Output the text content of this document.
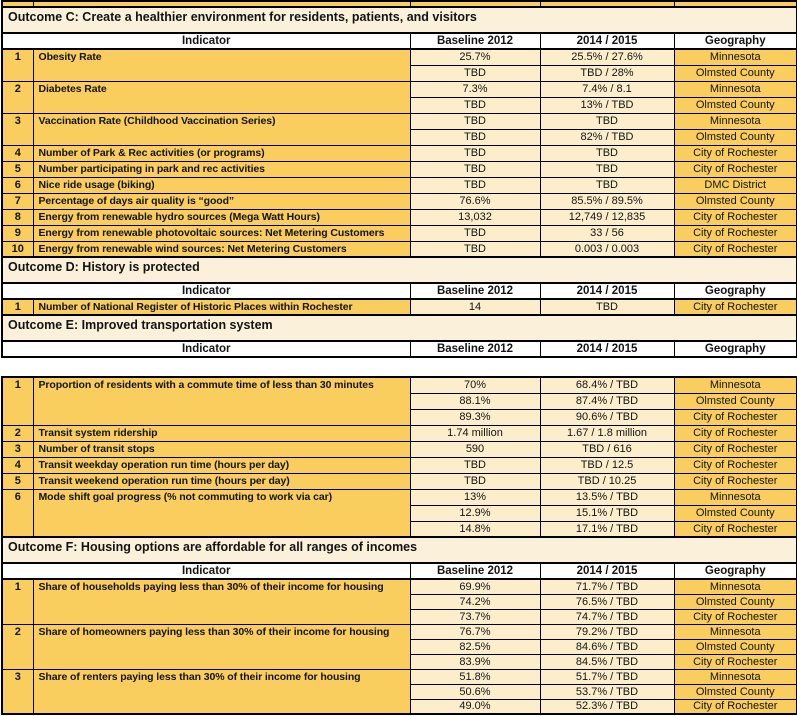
Outcome C: Create a healthier environment for residents, patients, and visitors				
Indicator		Baseline 2012	2014 / 2015	Geography
1	Obesity Rate	25.7%	25.5% / 27.6%	Minnesota
		TBD	TBD / 28%	Olmsted County
2	Diabetes Rate	7.3%	7.4% / 8.1	Minnesota
		TBD	13% / TBD	Olmsted County
3	Vaccination Rate (Childhood Vaccination Series)	TBD	TBD	Minnesota
		TBD	82% / TBD	Olmsted County
4	Number of Park & Rec activities (or programs)	TBD	TBD	City of Rochester
5	Number participating in park and rec activities	TBD	TBD	City of Rochester
6	Nice ride usage (biking)	TBD	TBD	DMC District
7	Percentage of days air quality is “good”	76.6%	85.5% / 89.5%	Olmsted County
8	Energy from renewable hydro sources (Mega Watt Hours)	13,032	12,749 / 12,835	City of Rochester
9	Energy from renewable photovoltaic sources: Net Metering Customers	TBD	33 / 56	City of Rochester
10	Energy from renewable wind sources: Net Metering Customers	TBD	0.003 / 0.003	City of Rochester
Outcome D: History is protected				
Indicator		Baseline 2012	2014 / 2015	Geography
1	Number of National Register of Historic Places within Rochester	14	TBD	City of Rochester
Outcome E: Improved transportation system				
Indicator		Baseline 2012	2014 / 2015	Geography
1	Proportion of residents with a commute time of less than 30 minutes	70%	68.4% / TBD	Minnesota
		88.1%	87.4% / TBD	Olmsted County
		89.3%	90.6% / TBD	City of Rochester
2	Transit system ridership	1.74 million	1.67 / 1.8 million	City of Rochester
3	Number of transit stops	590	TBD / 616	City of Rochester
4	Transit weekday operation run time (hours per day)	TBD	TBD / 12.5	City of Rochester
5	Transit weekend operation run time (hours per day)	TBD	TBD / 10.25	City of Rochester
6	Mode shift goal progress (% not commuting to work via car)	13%	13.5% / TBD	Minnesota
		12.9%	15.1% / TBD	Olmsted County
		14.8%	17.1% / TBD	City of Rochester
Outcome F: Housing options are affordable for all ranges of incomes				
Indicator		Baseline 2012	2014 / 2015	Geography
1	Share of households paying less than 30% of their income for housing	69.9%	71.7% / TBD	Minnesota
		74.2%	76.5% / TBD	Olmsted County
		73.7%	74.7% / TBD	City of Rochester
2	Share of homeowners paying less than 30% of their income for housing	76.7%	79.2% / TBD	Minnesota
		82.5%	84.6% / TBD	Olmsted County
		83.9%	84.5% / TBD	City of Rochester
3	Share of renters paying less than 30% of their income for housing	51.8%	51.7% / TBD	Minnesota
		50.6%	53.7% / TBD	Olmsted County
		49.0%	52.3% / TBD	City of Rochester
